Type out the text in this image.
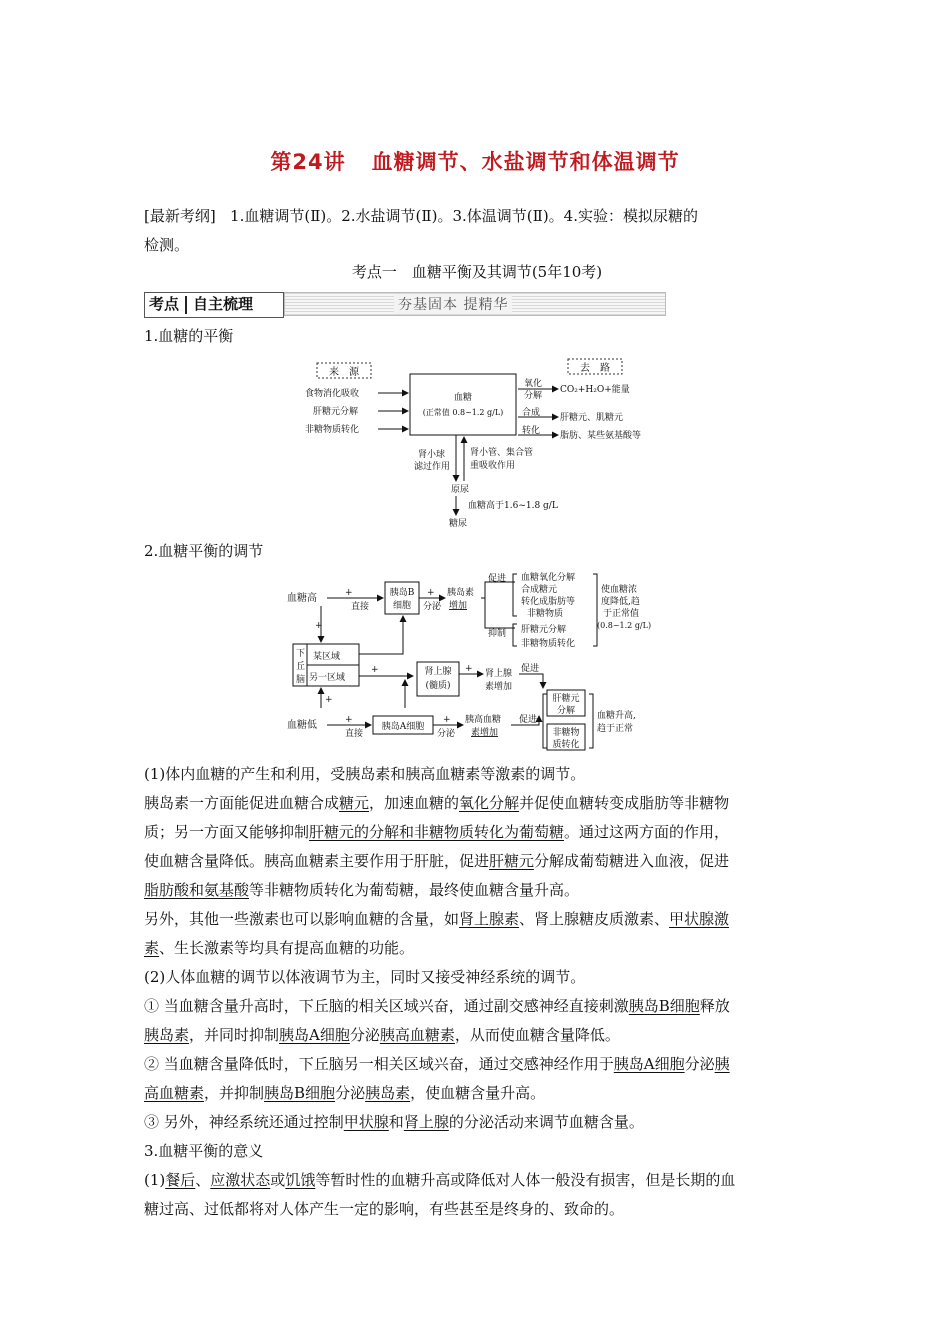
第24讲 血糖调节、水盐调节和体温调节
[最新考纲] 1.血糖调节(Ⅱ)。2.水盐调节(Ⅱ)。3.体温调节(Ⅱ)。4.实验：模拟尿糖的
检测。
考点一　血糖平衡及其调节(5年10考)
考点 自主梳理	夯基固本 提精华
1.血糖的平衡
来　源	去　路
食物消化吸收
肝糖元分解
非糖物质转化
血糖
(正常值 0.8~1.2 g/L)
氧化
分解
合成
转化
CO₂+H₂O+能量
肝糖元、肌糖元
脂肪、某些氨基酸等
肾小球
滤过作用
肾小管、集合管
重吸收作用
原尿
血糖高于1.6~1.8 g/L
糖尿
2.血糖平衡的调节
血糖高	+
直接
胰岛B
细胞
+
分泌
胰岛素
增加
促进
抑制
血糖氧化分解
合成糖元
转化成脂肪等
非糖物质
肝糖元分解
非糖物质转化
使血糖浓
度降低,趋
于正常值
(0.8~1.2 g/L)
+
下
丘
脑
某区域
另一区域
+	肾上腺
(髓质)
+ 肾上腺
素增加
促进
+
血糖低	+
直接
胰岛A细胞
+
分泌
胰高血糖
素增加
促进
肝糖元
分解
非糖物
质转化
血糖升高,
趋于正常
(1)体内血糖的产生和利用，受胰岛素和胰高血糖素等激素的调节。
胰岛素一方面能促进血糖合成糖元，加速血糖的氧化分解并促使血糖转变成脂肪等非糖物
质；另一方面又能够抑制肝糖元的分解和非糖物质转化为葡萄糖。通过这两方面的作用，
使血糖含量降低。胰高血糖素主要作用于肝脏，促进肝糖元分解成葡萄糖进入血液，促进
脂肪酸和氨基酸等非糖物质转化为葡萄糖，最终使血糖含量升高。
另外，其他一些激素也可以影响血糖的含量，如肾上腺素、肾上腺糖皮质激素、甲状腺激
素、生长激素等均具有提高血糖的功能。
(2)人体血糖的调节以体液调节为主，同时又接受神经系统的调节。
① 当血糖含量升高时，下丘脑的相关区域兴奋，通过副交感神经直接刺激胰岛B细胞释放
胰岛素，并同时抑制胰岛A细胞分泌胰高血糖素，从而使血糖含量降低。
② 当血糖含量降低时，下丘脑另一相关区域兴奋，通过交感神经作用于胰岛A细胞分泌胰
高血糖素，并抑制胰岛B细胞分泌胰岛素，使血糖含量升高。
③ 另外，神经系统还通过控制甲状腺和肾上腺的分泌活动来调节血糖含量。
3.血糖平衡的意义
(1)餐后、应激状态或饥饿等暂时性的血糖升高或降低对人体一般没有损害，但是长期的血
糖过高、过低都将对人体产生一定的影响，有些甚至是终身的、致命的。
